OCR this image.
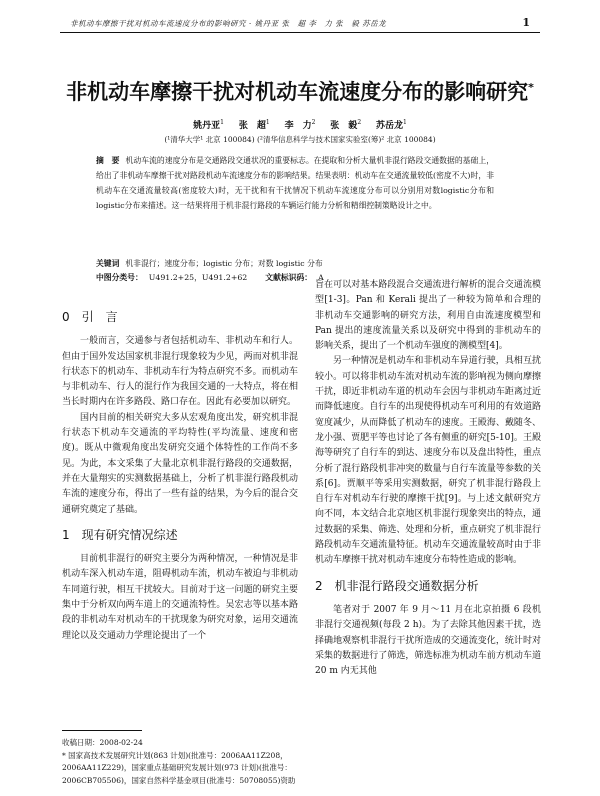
非机动车摩擦干扰对机动车流速度分布的影响研究 · 姚丹亚 张　超 李　力 张　毅 苏岳龙	1
非机动车摩擦干扰对机动车流速度分布的影响研究*
姚丹亚$^1$ 张　超$^1$ 李　力$^2$ 张　毅$^2$ 苏岳龙$^1$
(¹清华大学¹ 北京 100084) (²清华信息科学与技术国家实验室(筹)² 北京 100084)
摘　要 机动车流的速度分布是交通路段交通状况的重要标志。在提取和分析大量机非混行路段交通数据的基础上，给出了非机动车摩擦干扰对路段机动车流速度分布的影响结果。结果表明：机动车在交通流量较低(密度不大)时，非机动车在交通流量较高(密度较大)时，无干扰和有干扰情况下机动车流速度分布可以分别用对数logistic分布和logistic分布来描述。这一结果将用于机非混行路段的车辆运行能力分析和精细控制策略设计之中。
关键词 机非混行；速度分布；logistic 分布；对数 logistic 分布
中图分类号： U491.2+25，U491.2+62 文献标识码： A
0 引　言

一般而言，交通参与者包括机动车、非机动车和行人。但由于国外发达国家机非混行现象较为少见，两而对机非混行状态下的机动车、非机动车行为特点研究不多。而机动车与非机动车、行人的混行作为我国交通的一大特点，将在相当长时期内在许多路段、路口存在。因此有必要加以研究。

国内目前的相关研究大多从宏观角度出发，研究机非混行状态下机动车交通流的平均特性(平均流量、速度和密度)。既从中微观角度出发研究交通个体特性的工作尚不多见。为此，本文采集了大量北京机非混行路段的交通数据，并在大量翔实的实测数据基础上，分析了机非混行路段机动车流的速度分布，得出了一些有益的结果，为今后的混合交通研究奠定了基础。

1 现有研究情况综述

目前机非混行的研究主要分为两种情况，一种情况是非机动车深入机动车道，阻碍机动车流，机动车被迫与非机动车同道行驶，相互干扰较大。目前对于这一问题的研究主要集中于分析双向两车道上的交通流特性。吴宏志等以基本路段的非机动车对机动车的干扰现象为研究对象，运用交通流理论以及交通动力学理论提出了一个

旨在可以对基本路段混合交通流进行解析的混合交通流模型[1-3]。Pan 和 Kerali 提出了一种较为简单和合理的非机动车交通影响的研究方法，利用自由流速度模型和 Pan 提出的速度流量关系以及研究中得到的非机动车的影响关系，提出了一个机动车强度的测模型[4]。

另一种情况是机动车和非机动车异道行驶，具相互扰较小。可以将非机动车流对机动车流的影响视为侧向摩擦干扰，即近非机动车道的机动车会因与非机动车距离过近而降低速度。自行车的出现使得机动车可利用的有效道路宽度减少，从而降低了机动车的速度。王殿海、戴随冬、龙小强、贾肥平等也讨论了各有侧重的研究[5-10]。王殿海等研究了自行车的到达、速度分布以及盘出特性，重点分析了混行路段机非冲突的数量与自行车流量等参数的关系[6]。贾顺平等采用实测数据，研究了机非混行路段上自行车对机动车行驶的摩擦干扰[9]。与上述文献研究方向不同，本文结合北京地区机非混行现象突出的特点，通过数据的采集、筛选、处理和分析，重点研究了机非混行路段机动车交通流量特征。机动车交通流量较高时由于非机动车摩擦干扰对机动车速度分布特性造成的影响。

2 机非混行路段交通数据分析

笔者对于 2007 年 9 月～11 月在北京拍摄 6 段机非混行交通视频(每段 2 h)。为了去除其他因素干扰，选择确地观察机非混行干扰所造成的交通流变化，统计时对采集的数据进行了筛选，筛选标准为机动车前方机动车道 20 m 内无其他

收稿日期：2008-02-24

* 国家高技术发展研究计划(863 计划)(批准号：2006AA11Z208，2006AA11Z229)，国家重点基础研究发展计划(973 计划)(批准号：2006CB705506)，国家自然科学基金项目(批准号：50708055)资助
